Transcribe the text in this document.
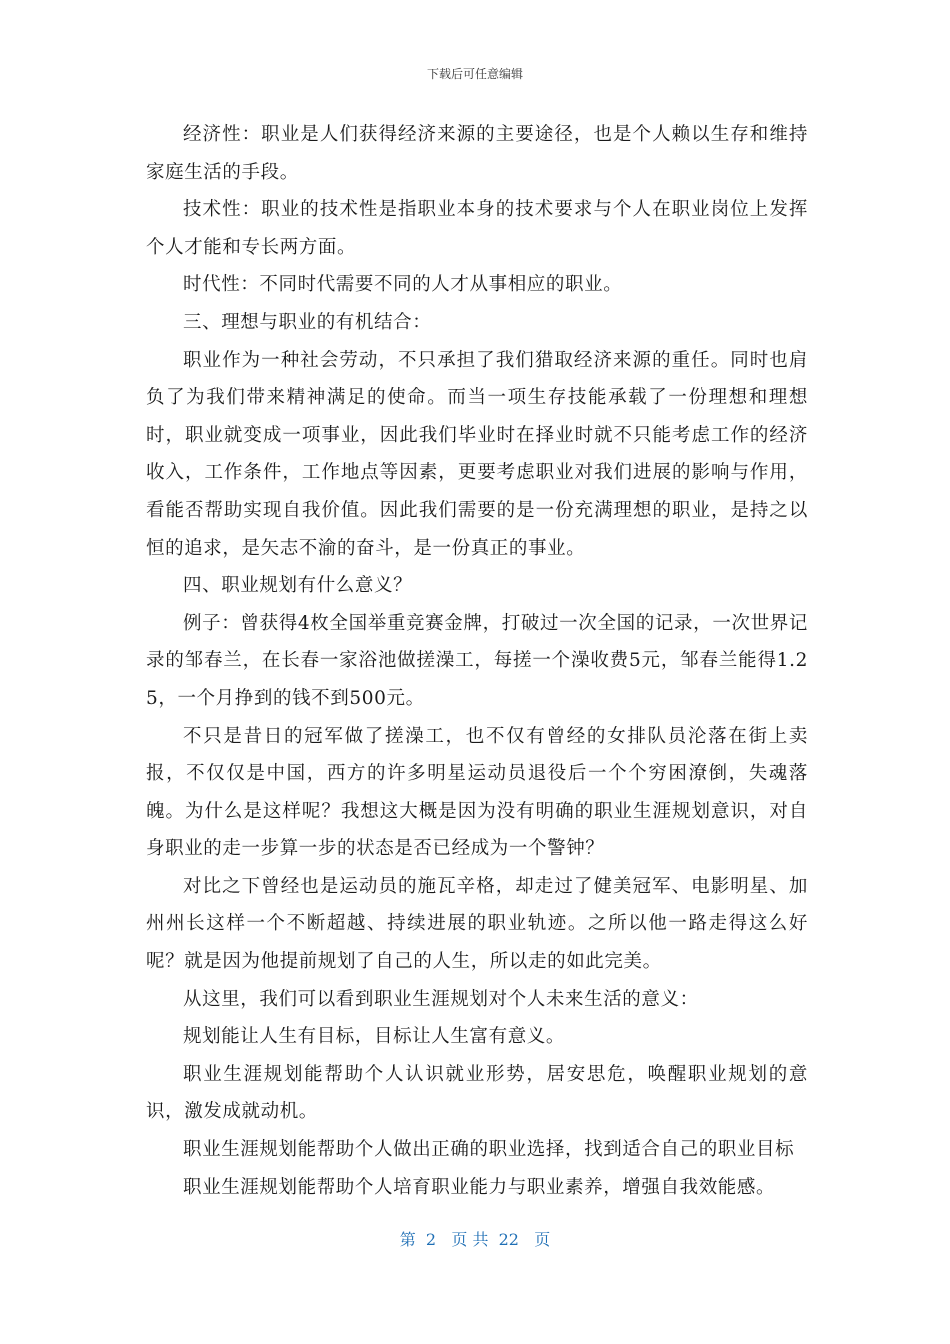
下载后可任意编辑

经济性：职业是人们获得经济来源的主要途径，也是个人赖以生存和维持家庭生活的手段。

技术性：职业的技术性是指职业本身的技术要求与个人在职业岗位上发挥个人才能和专长两方面。

时代性：不同时代需要不同的人才从事相应的职业。

三、理想与职业的有机结合：

职业作为一种社会劳动，不只承担了我们猎取经济来源的重任。同时也肩负了为我们带来精神满足的使命。而当一项生存技能承载了一份理想和理想时，职业就变成一项事业，因此我们毕业时在择业时就不只能考虑工作的经济收入，工作条件，工作地点等因素，更要考虑职业对我们进展的影响与作用，看能否帮助实现自我价值。因此我们需要的是一份充满理想的职业，是持之以恒的追求，是矢志不渝的奋斗，是一份真正的事业。

四、职业规划有什么意义？

例子：曾获得4枚全国举重竞赛金牌，打破过一次全国的记录，一次世界记录的邹春兰，在长春一家浴池做搓澡工，每搓一个澡收费5元，邹春兰能得1.25，一个月挣到的钱不到500元。

不只是昔日的冠军做了搓澡工，也不仅有曾经的女排队员沦落在街上卖报，不仅仅是中国，西方的许多明星运动员退役后一个个穷困潦倒，失魂落魄。为什么是这样呢？我想这大概是因为没有明确的职业生涯规划意识，对自身职业的走一步算一步的状态是否已经成为一个警钟？

对比之下曾经也是运动员的施瓦辛格，却走过了健美冠军、电影明星、加州州长这样一个不断超越、持续进展的职业轨迹。之所以他一路走得这么好呢？就是因为他提前规划了自己的人生，所以走的如此完美。

从这里，我们可以看到职业生涯规划对个人未来生活的意义：

规划能让人生有目标，目标让人生富有意义。

职业生涯规划能帮助个人认识就业形势，居安思危，唤醒职业规划的意识，激发成就动机。

职业生涯规划能帮助个人做出正确的职业选择，找到适合自己的职业目标

职业生涯规划能帮助个人培育职业能力与职业素养，增强自我效能感。

第  2   页 共  22   页
